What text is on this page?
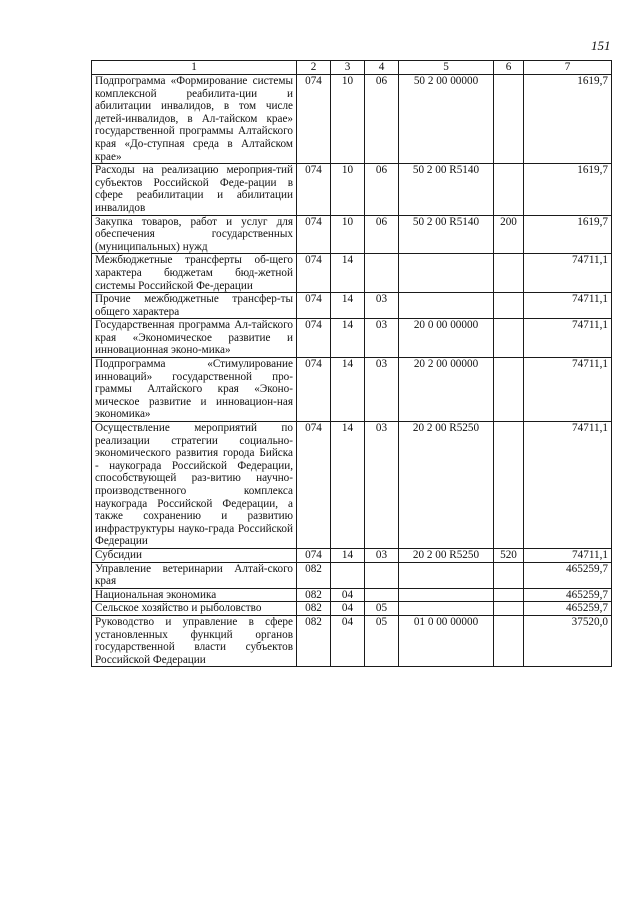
151
1	2	3	4	5	6	7
Подпрограмма «Формирование системы комплексной реабилита-ции и абилитации инвалидов, в том числе детей-инвалидов, в Ал-тайском крае» государственной программы Алтайского края «До-ступная среда в Алтайском крае»	074	10	06	50 2 00 00000		1619,7
Расходы на реализацию мероприя-тий субъектов Российской Феде-рации в сфере реабилитации и абилитации инвалидов	074	10	06	50 2 00 R5140		1619,7
Закупка товаров, работ и услуг для обеспечения государственных (муниципальных) нужд	074	10	06	50 2 00 R5140	200	1619,7
Межбюджетные трансферты об-щего характера бюджетам бюд-жетной системы Российской Фе-дерации	074	14				74711,1
Прочие межбюджетные трансфер-ты общего характера	074	14	03			74711,1
Государственная программа Ал-тайского края «Экономическое развитие и инновационная эконо-мика»	074	14	03	20 0 00 00000		74711,1
Подпрограмма «Стимулирование инноваций» государственной про-граммы Алтайского края «Эконо-мическое развитие и инновацион-ная экономика»	074	14	03	20 2 00 00000		74711,1
Осуществление мероприятий по реализации стратегии социально-экономического развития города Бийска - наукограда Российской Федерации, способствующей раз-витию научно-производственного комплекса наукограда Российской Федерации, а также сохранению и развитию инфраструктуры науко-града Российской Федерации	074	14	03	20 2 00 R5250		74711,1
Субсидии	074	14	03	20 2 00 R5250	520	74711,1
Управление ветеринарии Алтай-ского края	082					465259,7
Национальная экономика	082	04				465259,7
Сельское хозяйство и рыболовство	082	04	05			465259,7
Руководство и управление в сфере установленных функций органов государственной власти субъектов Российской Федерации	082	04	05	01 0 00 00000		37520,0
